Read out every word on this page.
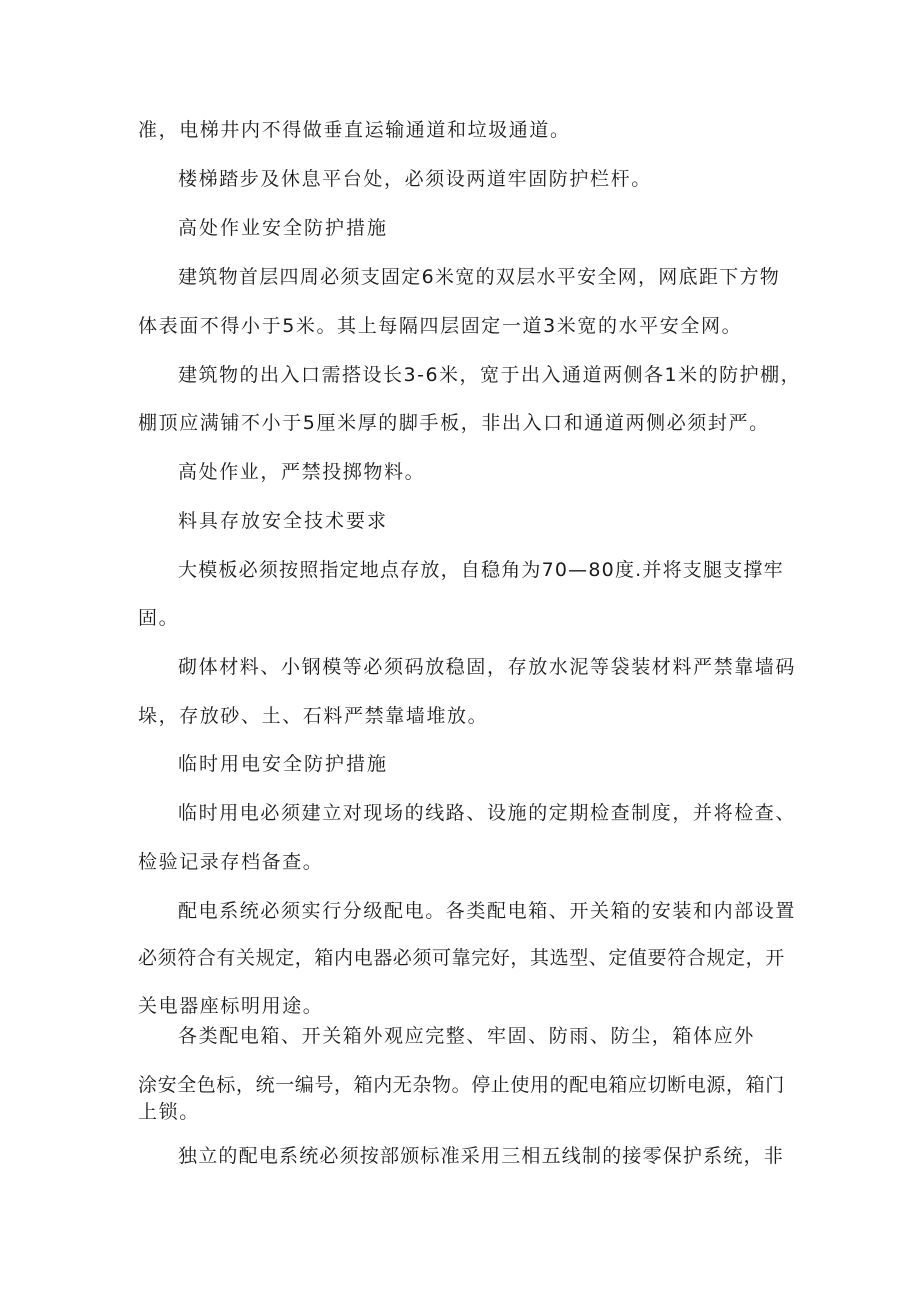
准，电梯井内不得做垂直运输通道和垃圾通道。

楼梯踏步及休息平台处，必须设两道牢固防护栏杆。

高处作业安全防护措施

建筑物首层四周必须支固定6米宽的双层水平安全网，网底距下方物

体表面不得小于5米。其上每隔四层固定一道3米宽的水平安全网。

建筑物的出入口需搭设长3-6米，宽于出入通道两侧各1米的防护棚，

棚顶应满铺不小于5厘米厚的脚手板，非出入口和通道两侧必须封严。

高处作业，严禁投掷物料。

料具存放安全技术要求

大模板必须按照指定地点存放，自稳角为70—80度.并将支腿支撑牢

固。

砌体材料、小钢模等必须码放稳固，存放水泥等袋装材料严禁靠墙码

垛，存放砂、土、石料严禁靠墙堆放。

临时用电安全防护措施

临时用电必须建立对现场的线路、设施的定期检查制度，并将检查、

检验记录存档备查。

配电系统必须实行分级配电。各类配电箱、开关箱的安装和内部设置

必须符合有关规定，箱内电器必须可靠完好，其选型、定值要符合规定，开

关电器座标明用途。

各类配电箱、开关箱外观应完整、牢固、防雨、防尘，箱体应外

涂安全色标，统一编号，箱内无杂物。停止使用的配电箱应切断电源，箱门

上锁。

独立的配电系统必须按部颁标准采用三相五线制的接零保护系统，非
